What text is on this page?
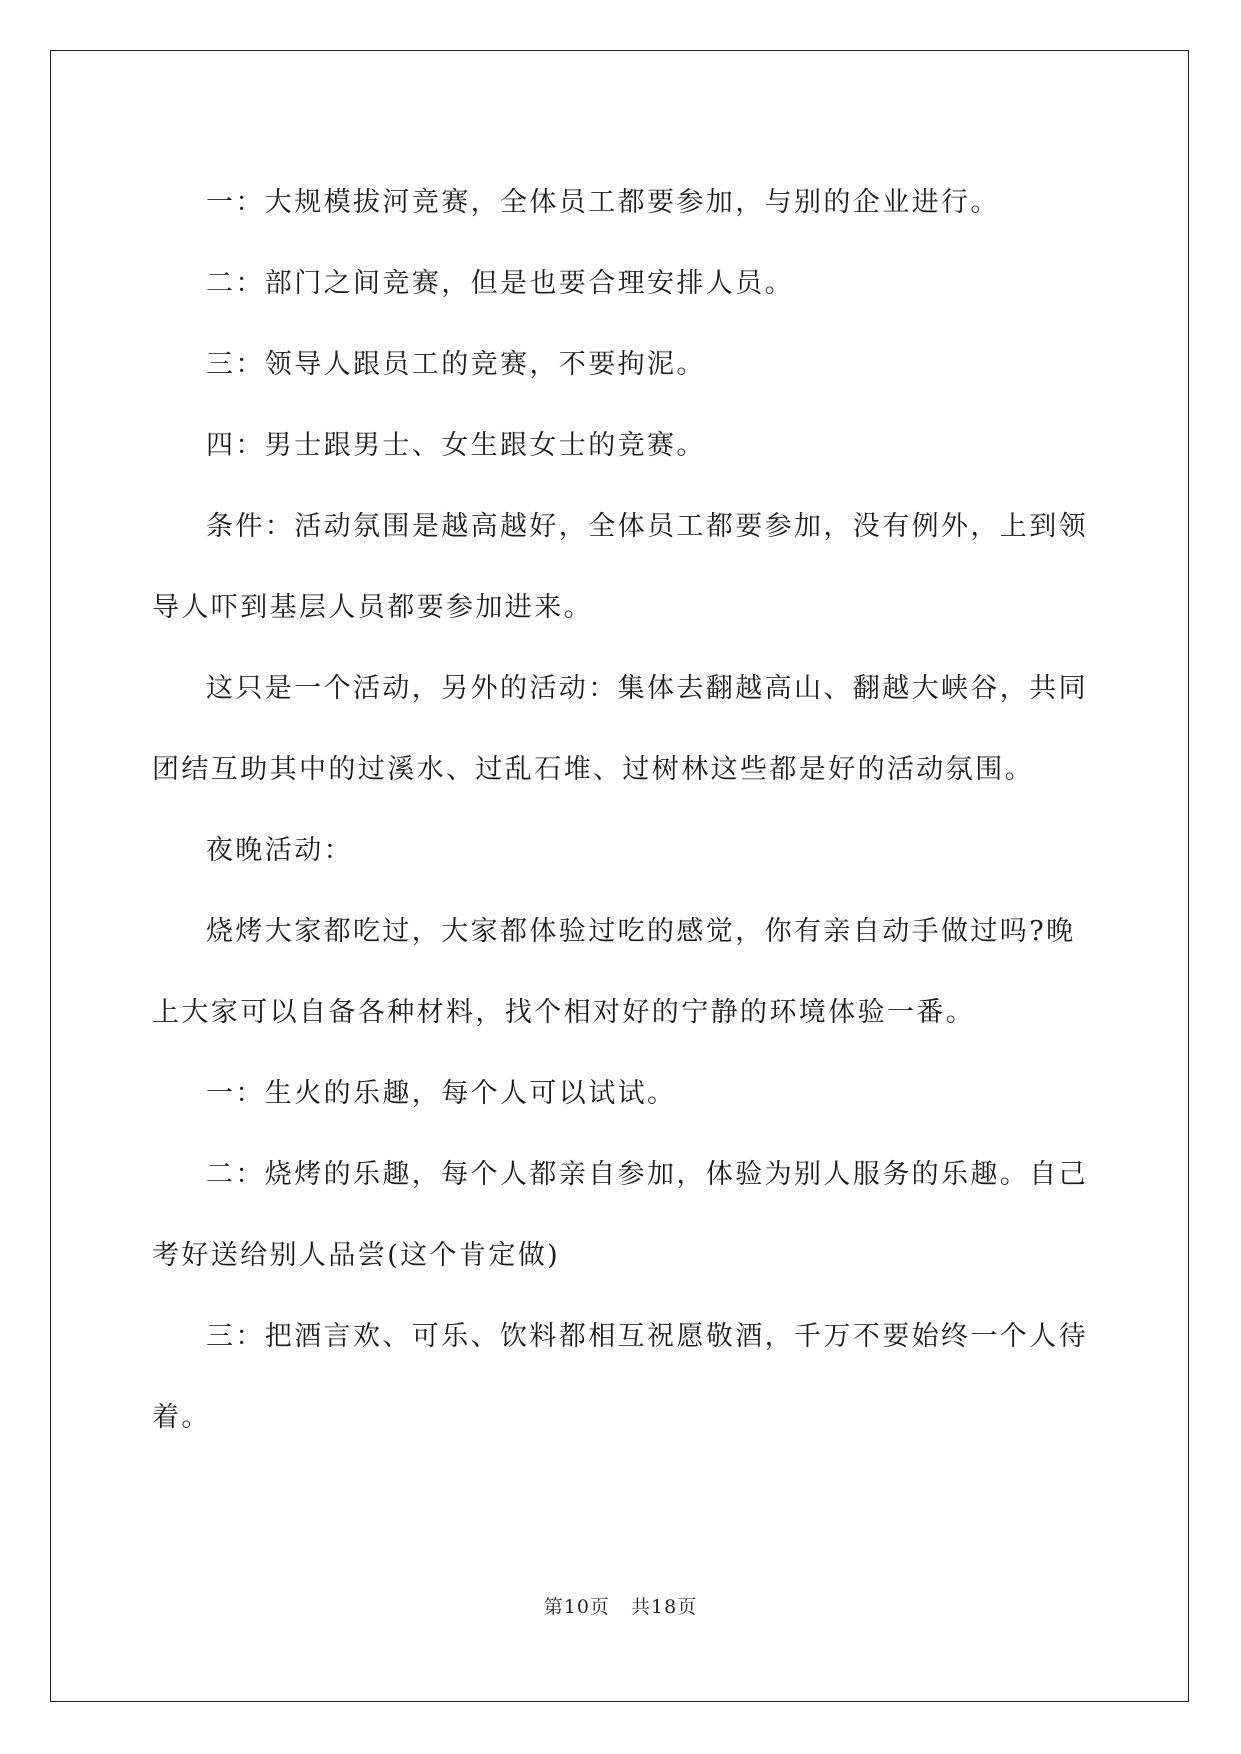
一：大规模拔河竞赛，全体员工都要参加，与别的企业进行。

二：部门之间竞赛，但是也要合理安排人员。

三：领导人跟员工的竞赛，不要拘泥。

四：男士跟男士、女生跟女士的竞赛。

条件：活动氛围是越高越好，全体员工都要参加，没有例外，上到领导人吓到基层人员都要参加进来。

这只是一个活动，另外的活动：集体去翻越高山、翻越大峡谷，共同团结互助其中的过溪水、过乱石堆、过树林这些都是好的活动氛围。

夜晚活动：

烧烤大家都吃过，大家都体验过吃的感觉，你有亲自动手做过吗?晚上大家可以自备各种材料，找个相对好的宁静的环境体验一番。

一：生火的乐趣，每个人可以试试。

二：烧烤的乐趣，每个人都亲自参加，体验为别人服务的乐趣。自己考好送给别人品尝(这个肯定做)

三：把酒言欢、可乐、饮料都相互祝愿敬酒，千万不要始终一个人待着。

第10页   共18页
